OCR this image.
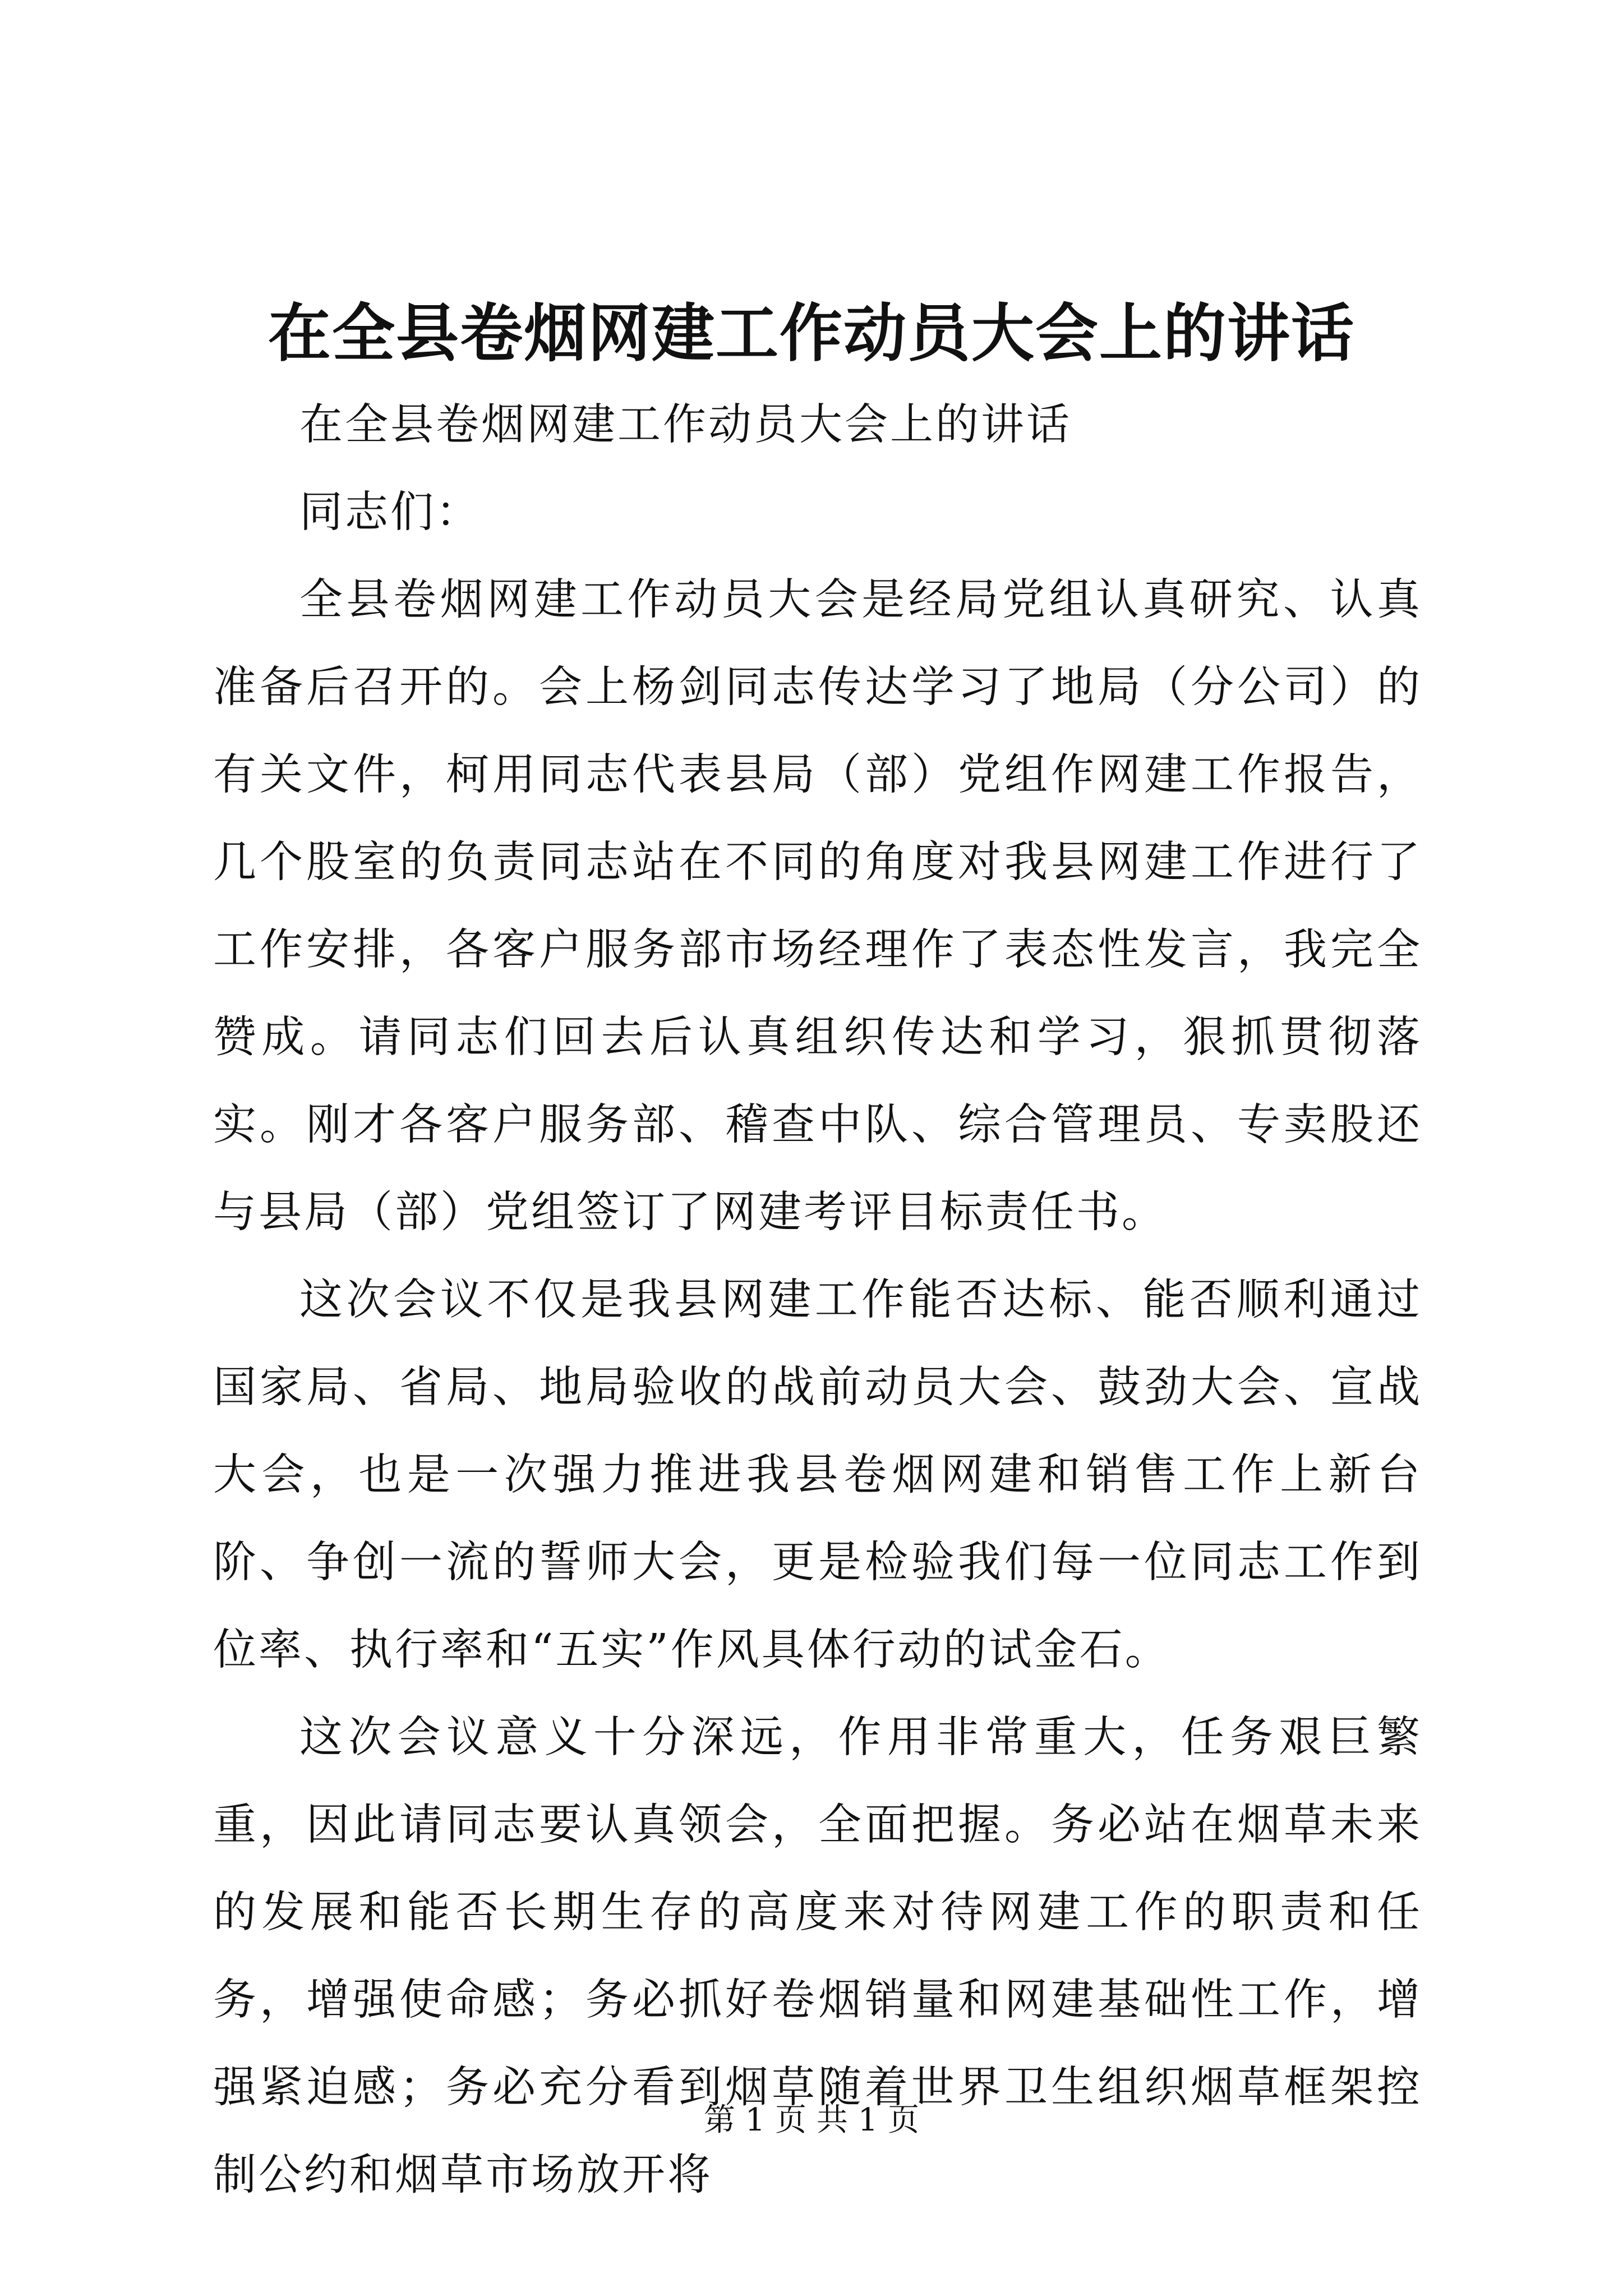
在全县卷烟网建工作动员大会上的讲话

在全县卷烟网建工作动员大会上的讲话

同志们：

全县卷烟网建工作动员大会是经局党组认真研究、认真准备后召开的。会上杨剑同志传达学习了地局（分公司）的有关文件，柯用同志代表县局（部）党组作网建工作报告，几个股室的负责同志站在不同的角度对我县网建工作进行了工作安排，各客户服务部市场经理作了表态性发言，我完全赞成。请同志们回去后认真组织传达和学习，狠抓贯彻落实。刚才各客户服务部、稽查中队、综合管理员、专卖股还与县局（部）党组签订了网建考评目标责任书。

这次会议不仅是我县网建工作能否达标、能否顺利通过国家局、省局、地局验收的战前动员大会、鼓劲大会、宣战大会，也是一次强力推进我县卷烟网建和销售工作上新台阶、争创一流的誓师大会，更是检验我们每一位同志工作到位率、执行率和“五实”作风具体行动的试金石。

这次会议意义十分深远，作用非常重大，任务艰巨繁重，因此请同志要认真领会，全面把握。务必站在烟草未来的发展和能否长期生存的高度来对待网建工作的职责和任务，增强使命感；务必抓好卷烟销量和网建基础性工作，增强紧迫感；务必充分看到烟草随着世界卫生组织烟草框架控制公约和烟草市场放开将

第 1 页 共 1 页
